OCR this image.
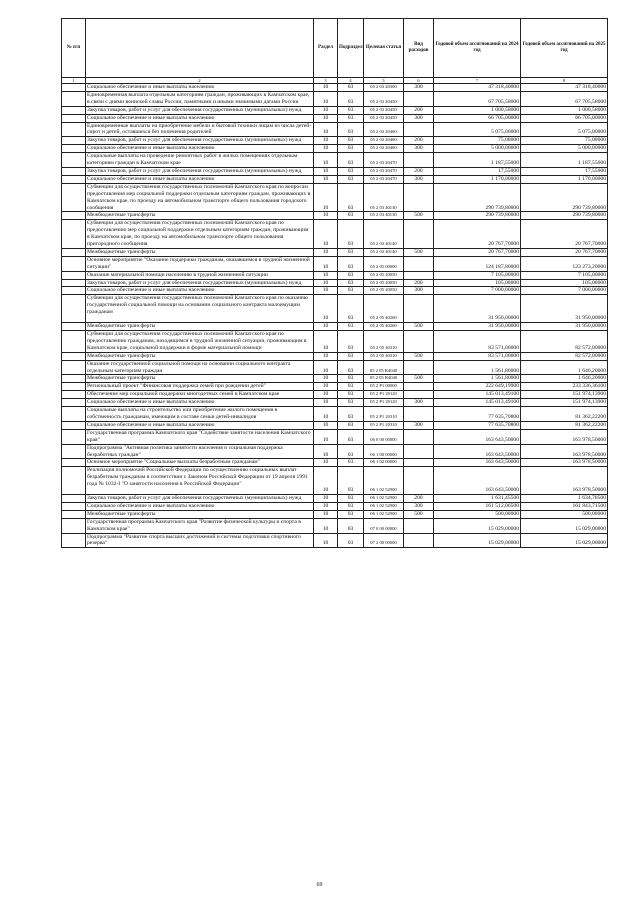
№ п/п		Раздел	Подраздел	Целевая статья	Вид расходов	Годовой объем ассигнований на 2024 год	Годовой объем ассигнований на 2025 год
1	2	3	4	5	6	7	8
	Социальное обеспечение и иные выплаты населению	10	03	05 2 03 20300	300	47 318,40000	47 318,40000
	Единовременная выплата отдельным категориям граждан, проживающих в Камчатском крае, в связи с днями воинской славы России, памятными и иными значимыми датами России	10	03	05 2 03 20450		67 705,58000	67 705,58000
	Закупка товаров, работ и услуг для обеспечения государственных (муниципальных) нужд	10	03	05 2 03 20450	200	1 000,58000	1 000,58000
	Социальное обеспечение и иные выплаты населению	10	03	05 2 03 20450	300	66 705,00000	66 705,00000
	Единовременные выплаты на приобретение мебели и бытовой техники лицам из числа детей-сирот и детей, оставшихся без попечения родителей	10	03	05 2 03 20460		5 075,00000	5 075,00000
	Закупка товаров, работ и услуг для обеспечения государственных (муниципальных) нужд	10	03	05 2 03 20460	200	75,00000	75,00000
	Социальное обеспечение и иные выплаты населению	10	03	05 2 03 20460	300	5 000,00000	5 000,00000
	Социальные выплаты на проведение ремонтных работ в жилых помещениях отдельным категориям граждан в Камчатском крае	10	03	05 2 03 20470		1 187,55000	1 187,55000
	Закупка товаров, работ и услуг для обеспечения государственных (муниципальных) нужд	10	03	05 2 03 20470	200	17,55000	17,55000
	Социальное обеспечение и иные выплаты населению	10	03	05 2 03 20470	300	1 170,00000	1 170,00000
	Субвенции для осуществления государственных полномочий Камчатского края по вопросам предоставления мер социальной поддержки отдельным категориям граждан, проживающих в Камчатском крае, по проезду на автомобильном транспорте общего пользования городского сообщения	10	03	05 2 03 40130		290 739,80000	290 739,80000
	Межбюджетные трансферты	10	03	05 2 03 40130	500	290 739,80000	290 739,80000
	Субвенции для осуществления государственных полномочий Камчатского края по предоставлению мер социальной поддержки отдельным категориям граждан, проживающим в Камчатском крае, по проезду на автомобильном транспорте общего пользования пригородного сообщения	10	03	05 2 03 40140		20 767,70000	20 767,70000
	Межбюджетные трансферты	10	03	05 2 03 40140	500	20 767,70000	20 767,70000
	Основное мероприятие "Оказание поддержки гражданам, оказавшимся в трудной жизненной ситуации"	10	03	05 2 05 00000		124 187,80000	123 273,20000
	Оказание материальной помощи населению в трудной жизненной ситуации	10	03	05 2 05 20050		7 105,00000	7 105,00000
	Закупка товаров, работ и услуг для обеспечения государственных (муниципальных) нужд	10	03	05 2 05 20050	200	105,00000	105,00000
	Социальное обеспечение и иные выплаты населению	10	03	05 2 05 20050	300	7 000,00000	7 000,00000
	Субвенции для осуществления государственных полномочий Камчатского края по оказанию государственной социальной помощи на основании социального контракта малоимущим гражданам	10	03	05 2 05 40260		31 950,00000	31 950,00000
	Межбюджетные трансферты	10	03	05 2 05 40260	500	31 950,00000	31 950,00000
	Субвенции для осуществления государственных полномочий Камчатского края по предоставлению гражданам, находящимся в трудной жизненной ситуации, проживающим в Камчатском крае, социальной поддержки в форме материальной помощи	10	03	05 2 05 40310		83 571,00000	82 572,00000
	Межбюджетные трансферты	10	03	05 2 05 40310	500	83 571,00000	82 572,00000
	Оказание государственной социальной помощи на основании социального контракта отдельным категориям граждан	10	03	05 2 05 R4040		1 561,80000	1 646,20000
	Межбюджетные трансферты	10	03	05 2 05 R4040	500	1 561,80000	1 646,20000
	Региональный проект "Финансовая поддержка семей при рождении детей"	10	03	05 2 P1 00000		222 649,19900	233 336,36100
	Обеспечение мер социальной поддержки многодетных семей в Камчатском крае	10	03	05 2 P1 20120		145 013,49100	151 974,13900
	Социальное обеспечение и иные выплаты населению	10	03	05 2 P1 20120	300	145 013,49100	151 974,13900
	Социальные выплаты на строительство или приобретение жилого помещения в собственность гражданам, имеющим в составе семьи детей-инвалидов	10	03	05 2 P1 20310		77 635,70800	81 362,22200
	Социальное обеспечение и иные выплаты населению	10	03	05 2 P1 20310	300	77 635,70800	81 362,22200
	Государственная программа Камчатского края "Содействие занятости населения Камчатского края"	10	03	06 0 00 00000		163 643,50000	163 978,50000
	Подпрограмма "Активная политика занятости населения и социальная поддержка безработных граждан"	10	03	06 1 00 00000		163 643,50000	163 978,50000
	Основное мероприятие "Социальные выплаты безработным гражданам"	10	03	06 1 02 00000		163 643,50000	163 978,50000
	Реализация полномочий Российской Федерации по осуществлению социальных выплат безработным гражданам в соответствии с Законом Российской Федерации от 19 апреля 1991 года № 1032-I "О занятости населения в Российской Федерации"	10	03	06 1 02 52900		163 643,50000	163 978,50000
	Закупка товаров, работ и услуг для обеспечения государственных (муниципальных) нужд	10	03	06 1 02 52900	200	1 631,45500	1 634,78500
	Социальное обеспечение и иные выплаты населению	10	03	06 1 02 52900	300	161 512,06500	161 843,71500
	Межбюджетные трансферты	10	03	06 1 02 52900	500	500,00000	500,00000
	Государственная программа Камчатского края "Развитие физической культуры и спорта в Камчатском крае"	10	03	07 0 00 00000		15 029,00000	15 029,00000
	Подпрограмма "Развитие спорта высших достижений и системы подготовки спортивного резерва"	10	03	07 2 00 00000		15 029,00000	15 029,00000
69
